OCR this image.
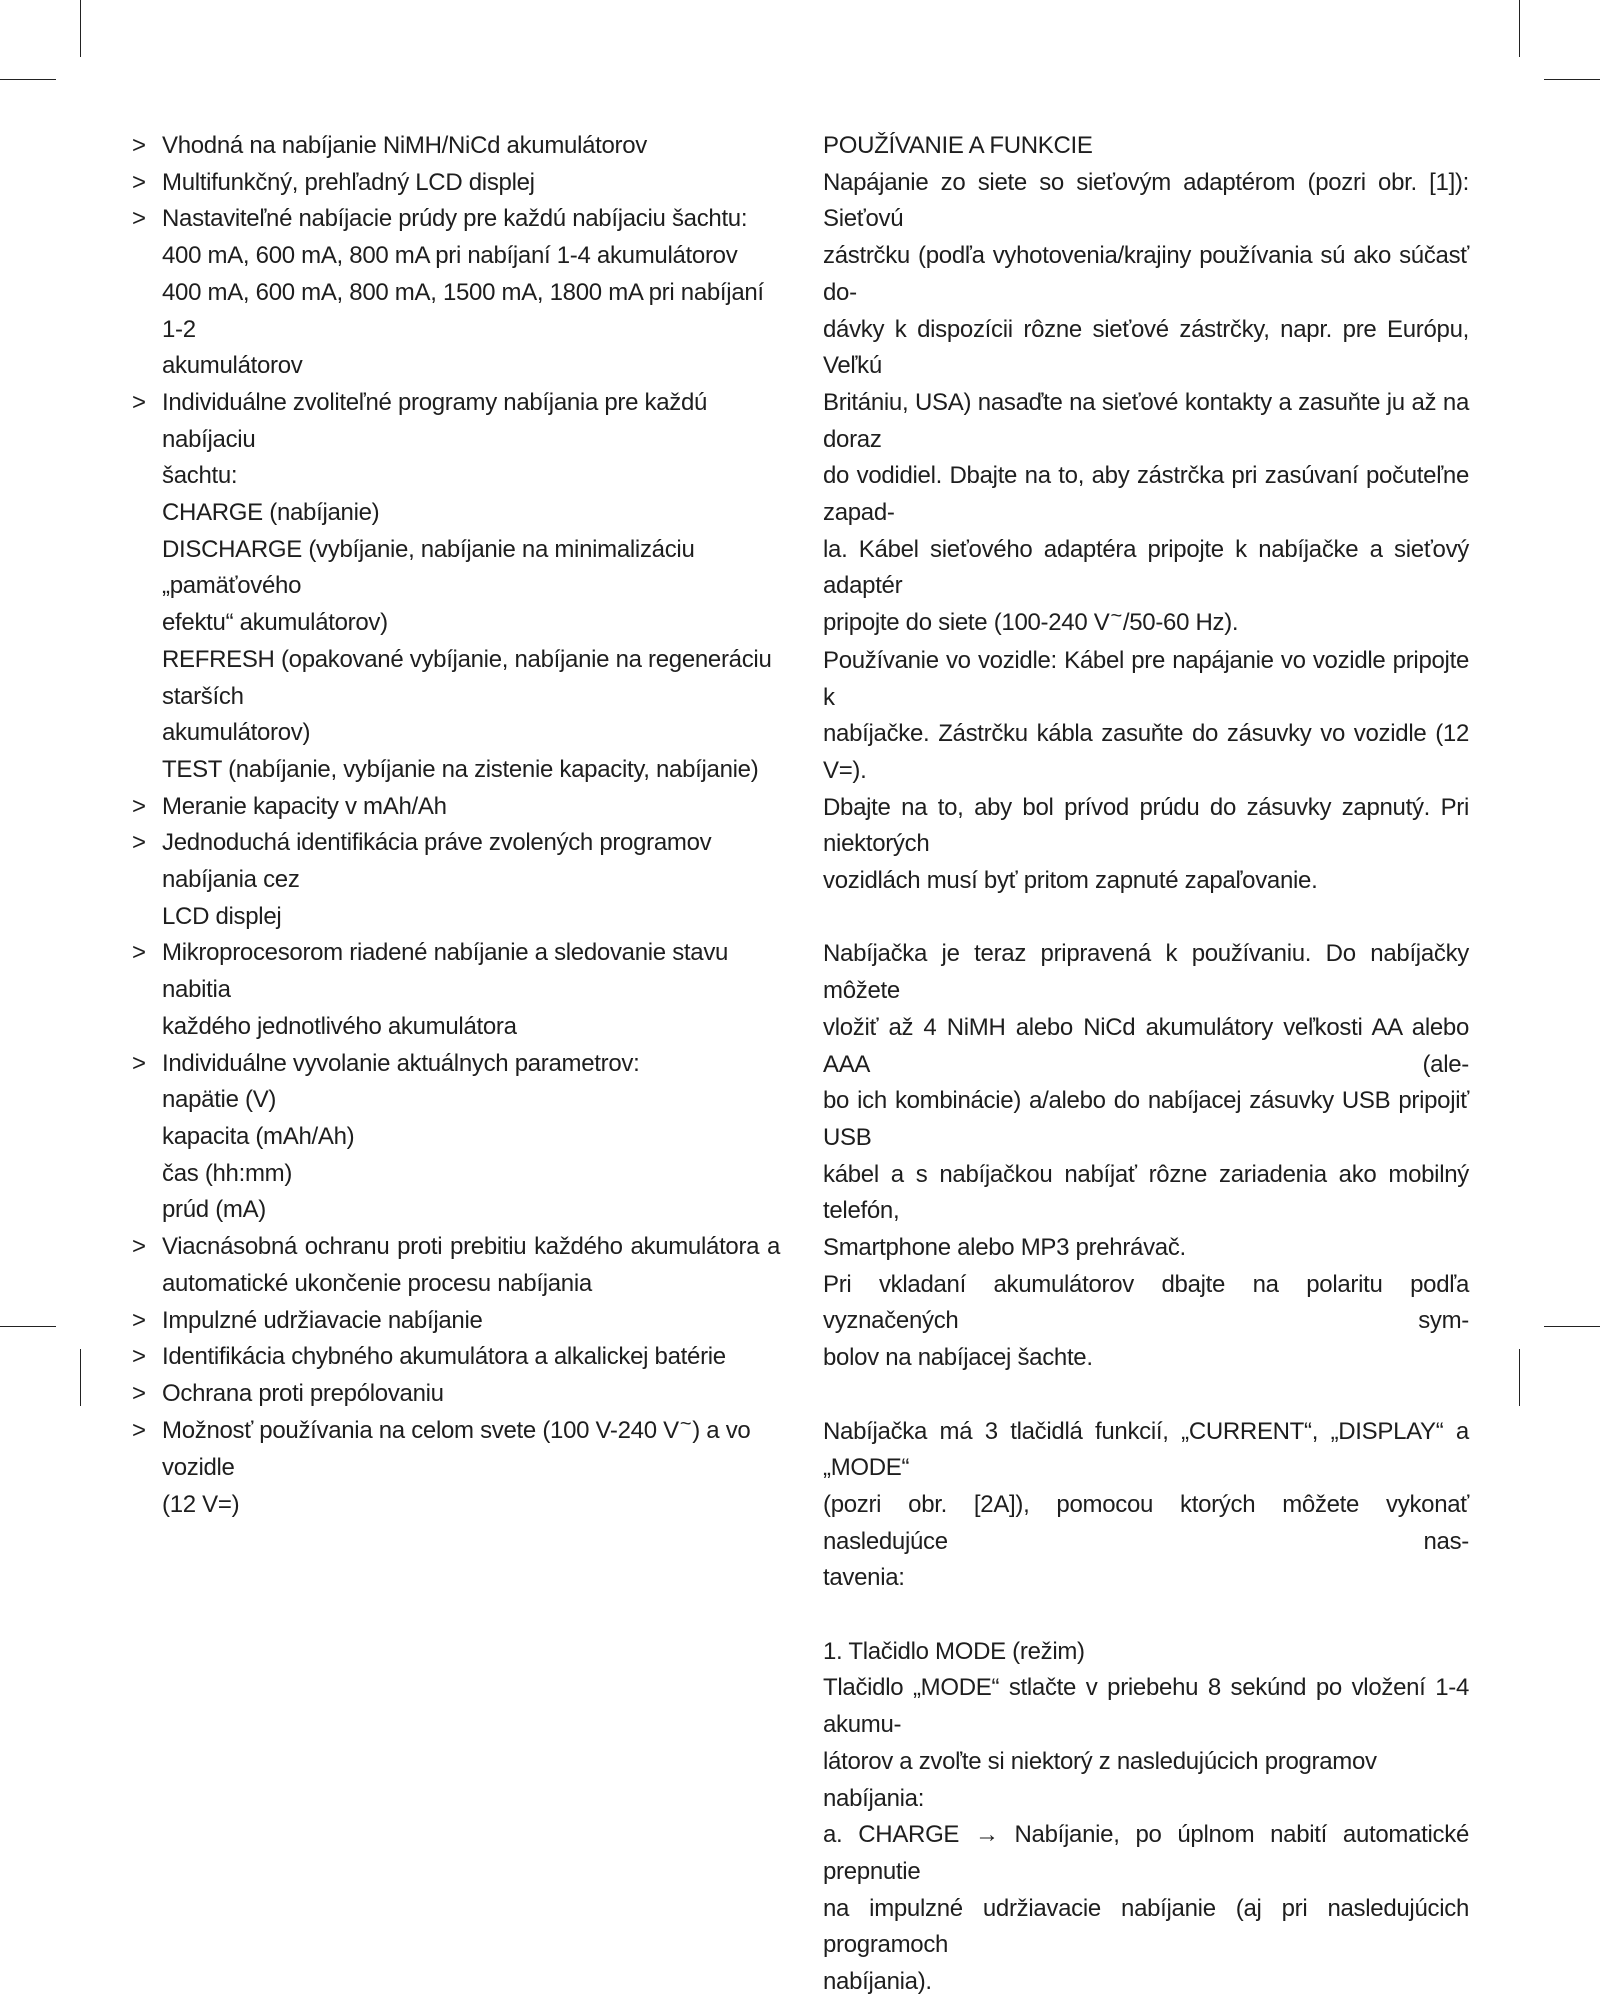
> Vhodná na nabíjanie NiMH/NiCd akumulátorov
> Multifunkčný, prehľadný LCD displej
> Nastaviteľné nabíjacie prúdy pre každú nabíjaciu šachtu:
400 mA, 600 mA, 800 mA pri nabíjaní 1-4 akumulátorov
400 mA, 600 mA, 800 mA, 1500 mA, 1800 mA pri nabíjaní 1-2
akumulátorov
> Individuálne zvoliteľné programy nabíjania pre každú nabíjaciu
šachtu:
CHARGE (nabíjanie)
DISCHARGE (vybíjanie, nabíjanie na minimalizáciu „pamäťového
efektu“ akumulátorov)
REFRESH (opakované vybíjanie, nabíjanie na regeneráciu starších
akumulátorov)
TEST (nabíjanie, vybíjanie na zistenie kapacity, nabíjanie)
> Meranie kapacity v mAh/Ah
> Jednoduchá identifikácia práve zvolených programov nabíjania cez
LCD displej
> Mikroprocesorom riadené nabíjanie a sledovanie stavu nabitia
každého jednotlivého akumulátora
> Individuálne vyvolanie aktuálnych parametrov:
napätie (V)
kapacita (mAh/Ah)
čas (hh:mm)
prúd (mA)
> Viacnásobná ochranu proti prebitiu každého akumulátora a
automatické ukončenie procesu nabíjania
> Impulzné udržiavacie nabíjanie
> Identifikácia chybného akumulátora a alkalickej batérie
> Ochrana proti prepólovaniu
> Možnosť používania na celom svete (100 V-240 V~) a vo vozidle
(12 V=)
POUŽÍVANIE A FUNKCIE
Napájanie zo siete so sieťovým adaptérom (pozri obr. [1]): Sieťovú
zástrčku (podľa vyhotovenia/krajiny používania sú ako súčasť do-
dávky k dispozícii rôzne sieťové zástrčky, napr. pre Európu, Veľkú
Britániu, USA) nasaďte na sieťové kontakty a zasuňte ju až na doraz
do vodidiel. Dbajte na to, aby zástrčka pri zasúvaní počuteľne zapad-
la. Kábel sieťového adaptéra pripojte k nabíjačke a sieťový adaptér
pripojte do siete (100-240 V~/50-60 Hz).
Používanie vo vozidle: Kábel pre napájanie vo vozidle pripojte k
nabíjačke. Zástrčku kábla zasuňte do zásuvky vo vozidle (12 V=).
Dbajte na to, aby bol prívod prúdu do zásuvky zapnutý. Pri niektorých
vozidlách musí byť pritom zapnuté zapaľovanie.
Nabíjačka je teraz pripravená k používaniu. Do nabíjačky môžete
vložiť až 4 NiMH alebo NiCd akumulátory veľkosti AA alebo AAA (ale-
bo ich kombinácie) a/alebo do nabíjacej zásuvky USB pripojiť USB
kábel a s nabíjačkou nabíjať rôzne zariadenia ako mobilný telefón,
Smartphone alebo MP3 prehrávač.
Pri vkladaní akumulátorov dbajte na polaritu podľa vyznačených sym-
bolov na nabíjacej šachte.
Nabíjačka má 3 tlačidlá funkcií, „CURRENT“, „DISPLAY“ a „MODE“
(pozri obr. [2A]), pomocou ktorých môžete vykonať nasledujúce nas-
tavenia:
1. Tlačidlo MODE (režim)
Tlačidlo „MODE“ stlačte v priebehu 8 sekúnd po vložení 1-4 akumu-
látorov a zvoľte si niektorý z nasledujúcich programov nabíjania:
a. CHARGE → Nabíjanie, po úplnom nabití automatické prepnutie
na impulzné udržiavacie nabíjanie (aj pri nasledujúcich programoch
nabíjania).
